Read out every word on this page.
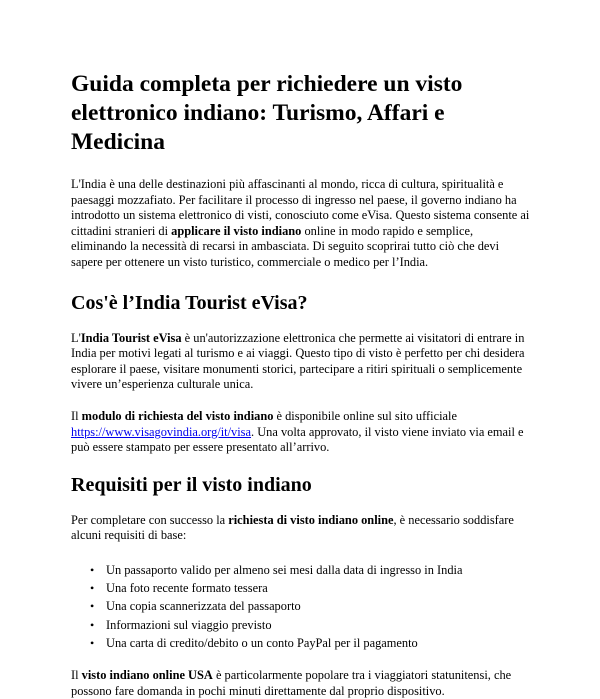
Guida completa per richiedere un visto elettronico indiano: Turismo, Affari e Medicina

L'India è una delle destinazioni più affascinanti al mondo, ricca di cultura, spiritualità e paesaggi mozzafiato. Per facilitare il processo di ingresso nel paese, il governo indiano ha introdotto un sistema elettronico di visti, conosciuto come eVisa. Questo sistema consente ai cittadini stranieri di applicare il visto indiano online in modo rapido e semplice, eliminando la necessità di recarsi in ambasciata. Di seguito scoprirai tutto ciò che devi sapere per ottenere un visto turistico, commerciale o medico per l’India.

Cos'è l’India Tourist eVisa?

L'India Tourist eVisa è un'autorizzazione elettronica che permette ai visitatori di entrare in India per motivi legati al turismo e ai viaggi. Questo tipo di visto è perfetto per chi desidera esplorare il paese, visitare monumenti storici, partecipare a ritiri spirituali o semplicemente vivere un’esperienza culturale unica.

Il modulo di richiesta del visto indiano è disponibile online sul sito ufficiale https://www.visagovindia.org/it/visa. Una volta approvato, il visto viene inviato via email e può essere stampato per essere presentato all’arrivo.

Requisiti per il visto indiano

Per completare con successo la richiesta di visto indiano online, è necessario soddisfare alcuni requisiti di base:

• Un passaporto valido per almeno sei mesi dalla data di ingresso in India
• Una foto recente formato tessera
• Una copia scannerizzata del passaporto
• Informazioni sul viaggio previsto
• Una carta di credito/debito o un conto PayPal per il pagamento

Il visto indiano online USA è particolarmente popolare tra i viaggiatori statunitensi, che possono fare domanda in pochi minuti direttamente dal proprio dispositivo.
